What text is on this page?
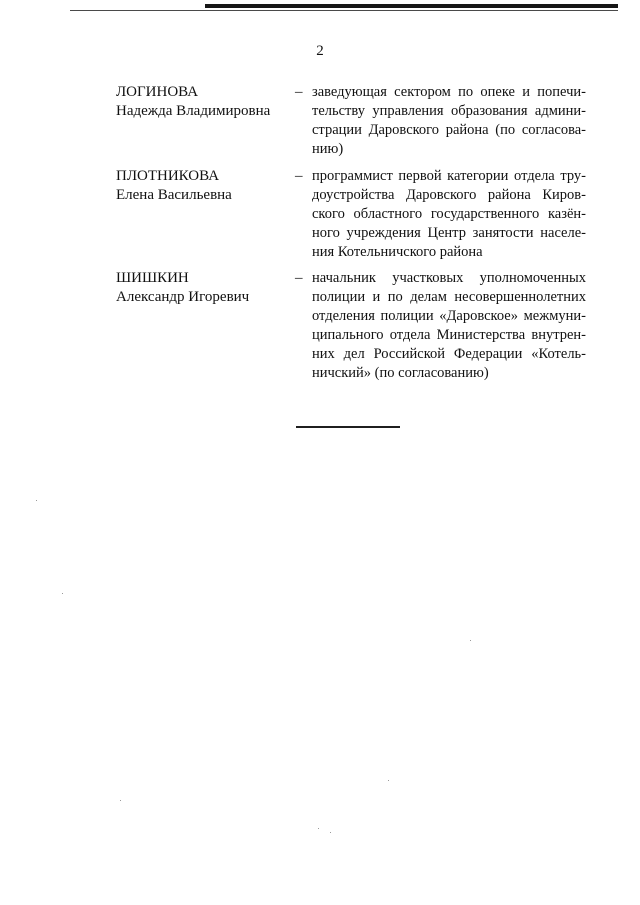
2
ЛОГИНОВА
Надежда Владимировна
– заведующая сектором по опеке и попечи-
тельству управления образования админи-
страции Даровского района (по согласова-
нию)
ПЛОТНИКОВА
Елена Васильевна
– программист первой категории отдела тру-
доустройства Даровского района Киров-
ского областного государственного казён-
ного учреждения Центр занятости населе-
ния Котельничского района
ШИШКИН
Александр Игоревич
– начальник участковых уполномоченных
полиции и по делам несовершеннолетних
отделения полиции «Даровское» межмуни-
ципального отдела Министерства внутрен-
них дел Российской Федерации «Котель-
ничский» (по согласованию)
